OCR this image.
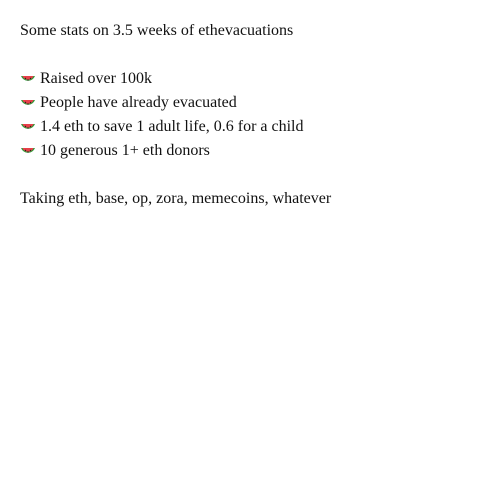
Some stats on 3.5 weeks of ethevacuations
Raised over 100k
People have already evacuated
1.4 eth to save 1 adult life, 0.6 for a child
10 generous 1+ eth donors
Taking eth, base, op, zora, memecoins, whatever
